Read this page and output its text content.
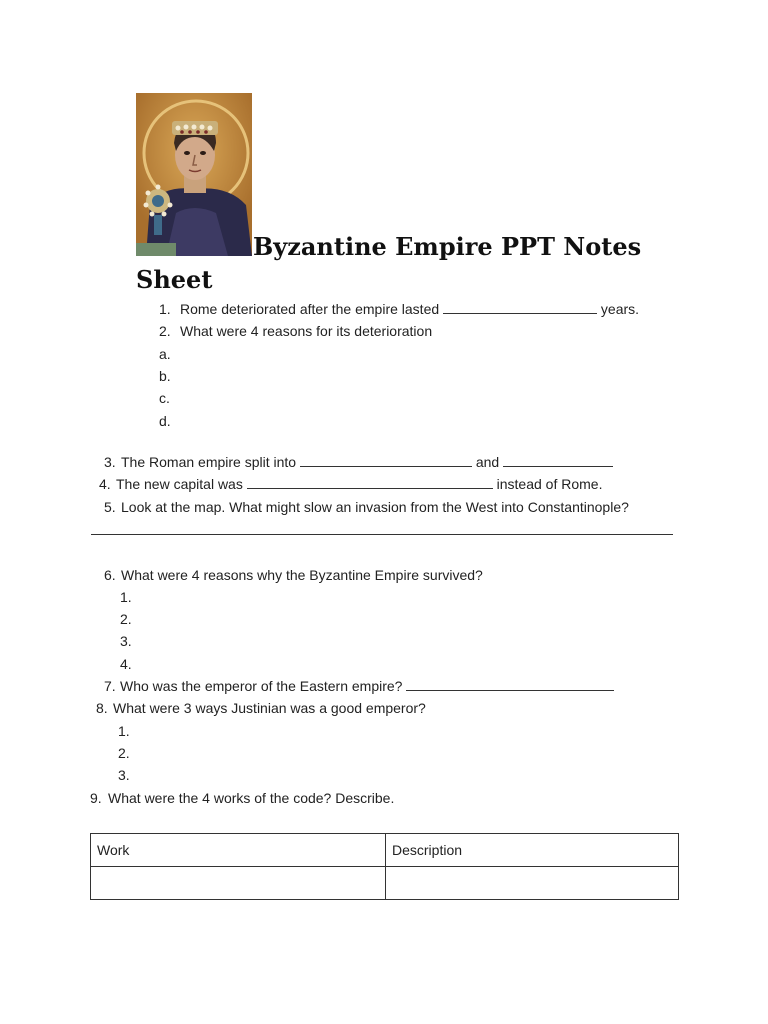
Byzantine Empire PPT Notes
Sheet
1. Rome deteriorated after the empire lasted	years.
2. What were 4 reasons for its deterioration
a.
b.
c.
d.
3. The Roman empire split into	and
4. The new capital was	instead of Rome.
5. Look at the map. What might slow an invasion from the West into Constantinople?
6. What were 4 reasons why the Byzantine Empire survived?
1.
2.
3.
4.
7. Who was the emperor of the Eastern empire?
8. What were 3 ways Justinian was a good emperor?
1.
2.
3.
9. What were the 4 works of the code? Describe.
Work	Description
